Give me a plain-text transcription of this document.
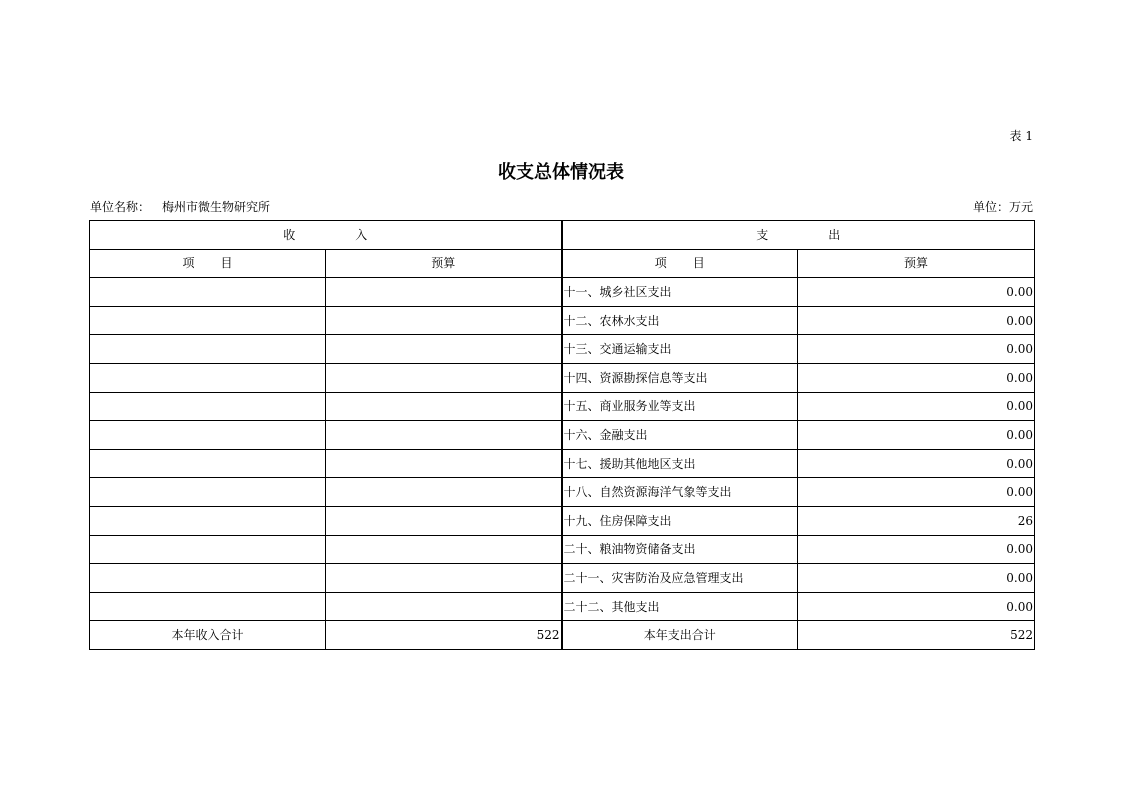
表 1
收支总体情况表
单位名称： 梅州市微生物研究所	单位：万元
收 入		支 出	
项 目	预算	项 目	预算
		十一、城乡社区支出	0.00
		十二、农林水支出	0.00
		十三、交通运输支出	0.00
		十四、资源勘探信息等支出	0.00
		十五、商业服务业等支出	0.00
		十六、金融支出	0.00
		十七、援助其他地区支出	0.00
		十八、自然资源海洋气象等支出	0.00
		十九、住房保障支出	26
		二十、粮油物资储备支出	0.00
		二十一、灾害防治及应急管理支出	0.00
		二十二、其他支出	0.00
本年收入合计	522	本年支出合计	522
